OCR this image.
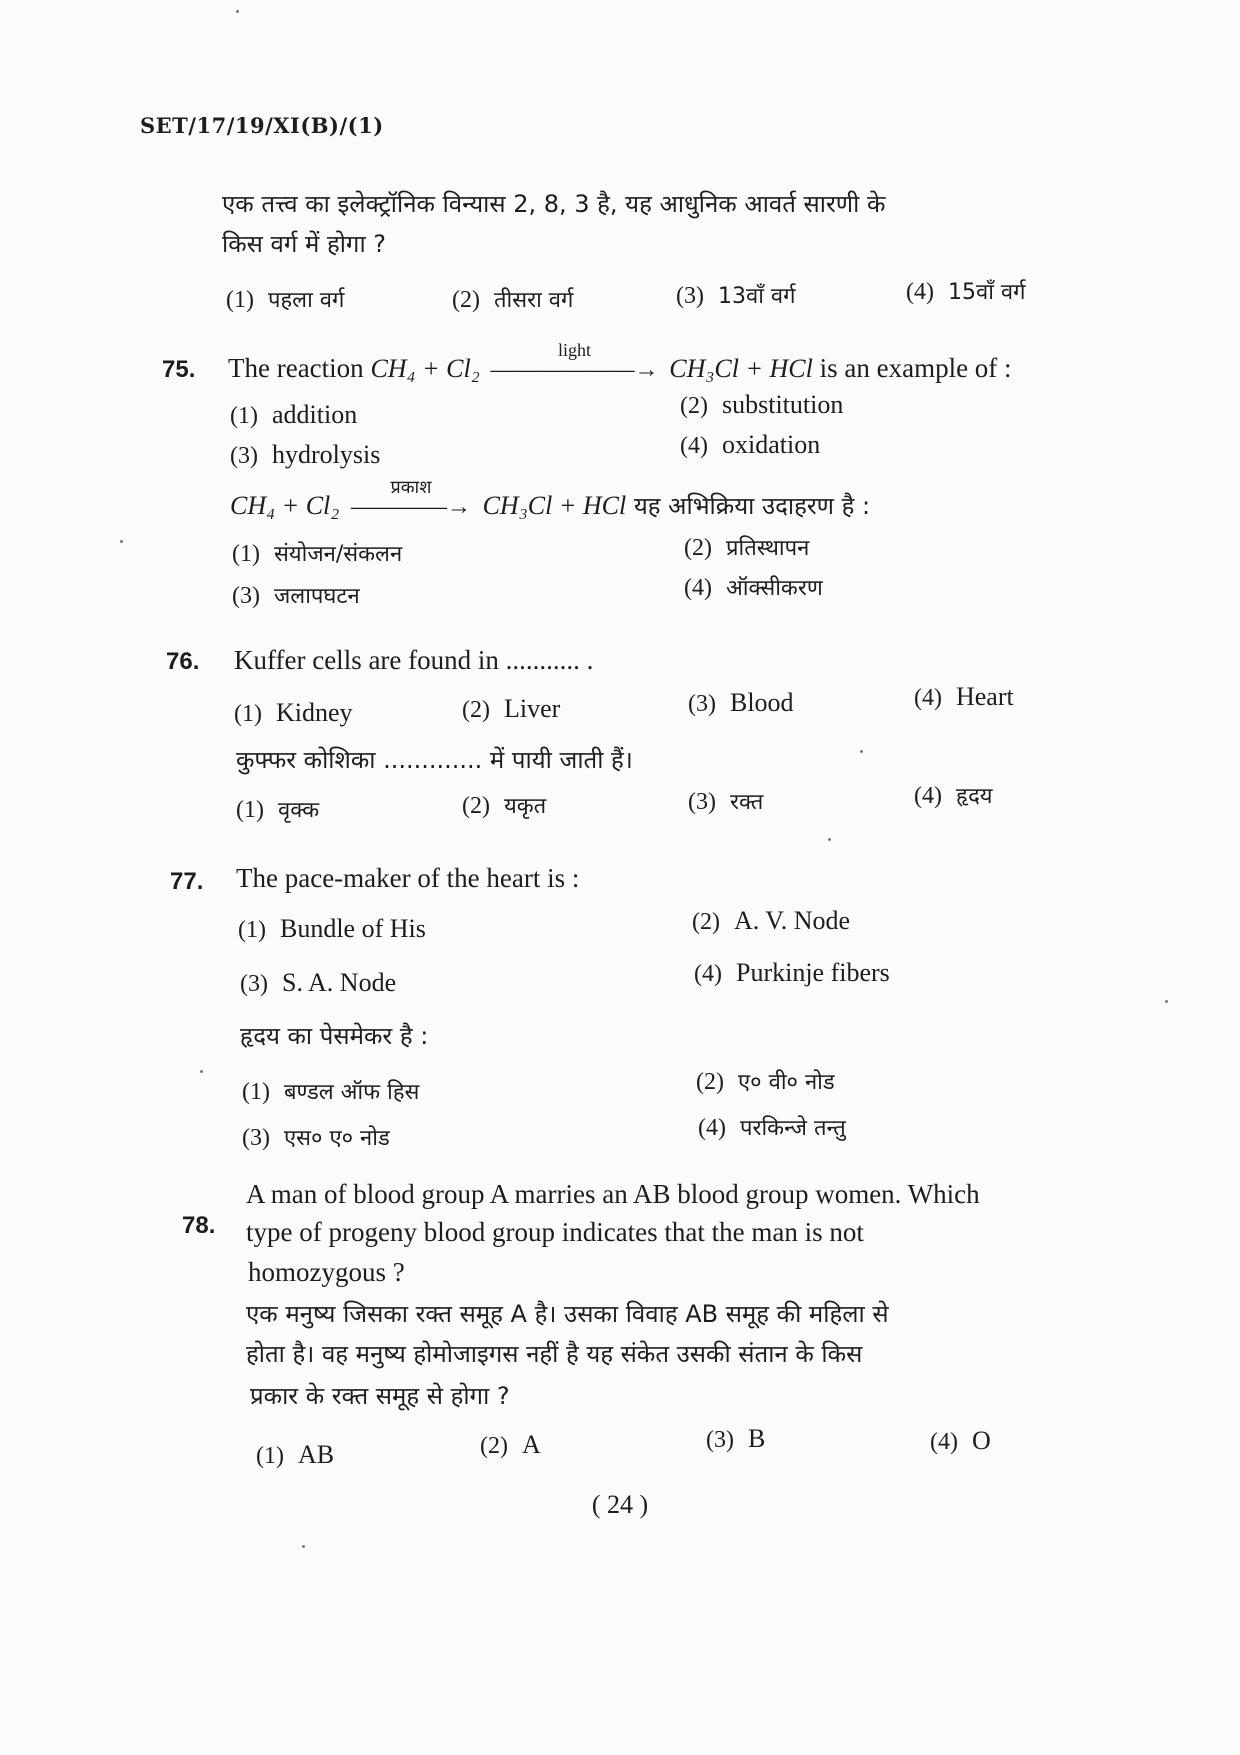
SET/17/19/XI(B)/(1)
एक तत्त्व का इलेक्ट्रॉनिक विन्यास 2, 8, 3 है, यह आधुनिक आवर्त सारणी के
किस वर्ग में होगा ?
(1) पहला वर्ग	(2) तीसरा वर्ग	(3) 13वाँ वर्ग	(4) 15वाँ वर्ग
75. The reaction CH₄ + Cl₂
light
——————→ CH₃Cl + HCl is an example of :
(1) addition	(2) substitution
(3) hydrolysis	(4) oxidation
CH₄ + Cl₂
प्रकाश
————→ CH₃Cl + HCl यह अभिक्रिया उदाहरण है :
(1) संयोजन/संकलन	(2) प्रतिस्थापन
(3) जलापघटन	(4) ऑक्सीकरण
76. Kuffer cells are found in ........... .
(1) Kidney	(2) Liver	(3) Blood	(4) Heart
कुफ्फर कोशिका ............. में पायी जाती हैं।
(1) वृक्क	(2) यकृत	(3) रक्त	(4) हृदय
77. The pace-maker of the heart is :
(1) Bundle of His	(2) A. V. Node
(3) S. A. Node	(4) Purkinje fibers
हृदय का पेसमेकर है :
(1) बण्डल ऑफ हिस	(2) ए० वी० नोड
(3) एस० ए० नोड	(4) परकिन्जे तन्तु
78.
A man of blood group A marries an AB blood group women. Which
type of progeny blood group indicates that the man is not
homozygous ?
एक मनुष्य जिसका रक्त समूह A है। उसका विवाह AB समूह की महिला से
होता है। वह मनुष्य होमोजाइगस नहीं है यह संकेत उसकी संतान के किस
प्रकार के रक्त समूह से होगा ?
(1) AB	(2) A	(3) B	(4) O
( 24 )
